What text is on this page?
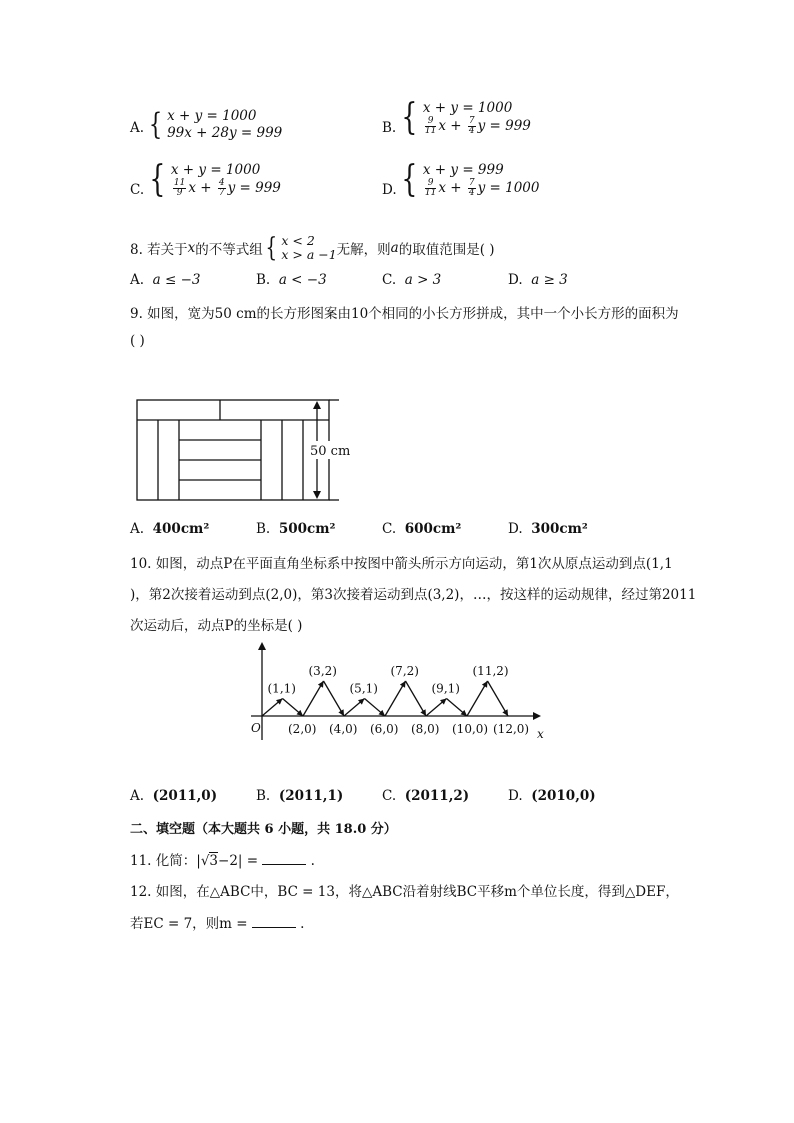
A. { x + y = 1000
99x + 28y = 999	B. { x + y = 1000
$\frac{9}{11}$ $x + \frac{7}{4}$ y = 999
C. { x + y = 1000
$\frac{11}{9}$ $x + \frac{4}{7}$ y = 999	D. { x + y = 999
$\frac{9}{11}$ $x + \frac{7}{4}$ y = 1000
8. 若关于 x 的不等式组 { x < 2
x > a −1 无解，则 a 的取值范围是( )
A. a ≤ −3	B. a < −3	C. a > 3	D. a ≥ 3
9. 如图，宽为50 cm的长方形图案由10个相同的小长方形拼成，其中一个小长方形的面积为
( )
50 cm
A. 400cm²	B. 500cm²	C. 600cm²	D. 300cm²
10. 如图，动点P在平面直角坐标系中按图中箭头所示方向运动，第1次从原点运动到点(1,1
)，第2次接着运动到点(2,0)，第3次接着运动到点(3,2)，…，按这样的运动规律，经过第2011
次运动后，动点P的坐标是( )
(1,1)
(3,2)
(5,1)
(7,2)
(9,1)
(11,2)
(2,0) (4,0) (6,0) (8,0) (10,0) (12,0)
O	x
A. (2011,0)	B. (2011,1)	C. (2011,2)	D. (2010,0)
二、填空题（本大题共 6 小题，共 18.0 分）
11. 化简：|√3−2| =	.
12. 如图，在△ABC中，BC = 13，将△ABC沿着射线BC平移m个单位长度，得到△DEF，
若EC = 7，则m =	.
